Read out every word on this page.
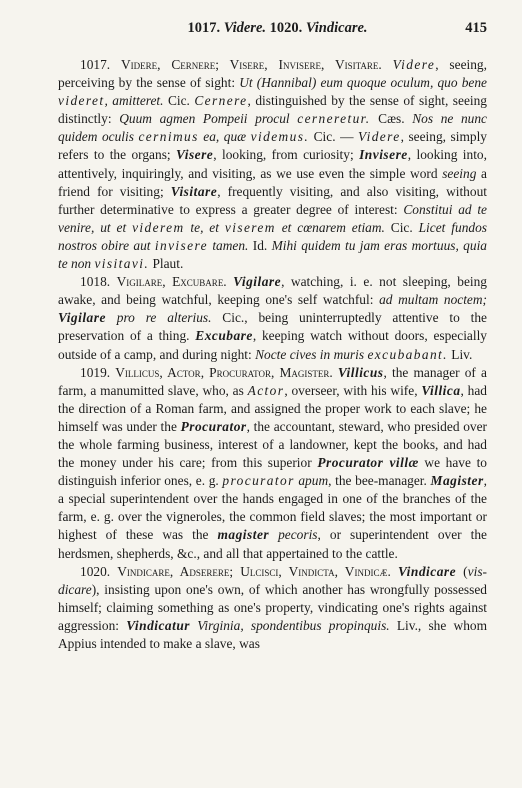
1017. Videre. 1020. Vindicare.	415

1017. Videre, Cernere; Visere, Invisere, Visitare. Videre, seeing, perceiving by the sense of sight: Ut (Hannibal) eum quoque oculum, quo bene videret, amitteret. Cic. Cernere, distinguished by the sense of sight, seeing distinctly: Quum agmen Pompeii procul cerneretur. Cæs. Nos ne nunc quidem oculis cernimus ea, quæ videmus. Cic. — Videre, seeing, simply refers to the organs; Visere, looking, from curiosity; Invisere, looking into, attentively, inquiringly, and visiting, as we use even the simple word seeing a friend for visiting; Visitare, frequently visiting, and also visiting, without further determinative to express a greater degree of interest: Constitui ad te venire, ut et viderem te, et viserem et cœnarem etiam. Cic. Licet fundos nostros obire aut invisere tamen. Id. Mihi quidem tu jam eras mortuus, quia te non visitavi. Plaut.

1018. Vigilare, Excubare. Vigilare, watching, i. e. not sleeping, being awake, and being watchful, keeping one's self watchful: ad multam noctem; Vigilare pro re alterius. Cic., being uninterruptedly attentive to the preservation of a thing. Excubare, keeping watch without doors, especially outside of a camp, and during night: Nocte cives in muris excubabant. Liv.

1019. Villicus, Actor, Procurator, Magister. Villicus, the manager of a farm, a manumitted slave, who, as Actor, overseer, with his wife, Villica, had the direction of a Roman farm, and assigned the proper work to each slave; he himself was under the Procurator, the accountant, steward, who presided over the whole farming business, interest of a landowner, kept the books, and had the money under his care; from this superior Procurator villæ we have to distinguish inferior ones, e. g. procurator apum, the bee-manager. Magister, a special superintendent over the hands engaged in one of the branches of the farm, e. g. over the vigneroles, the common field slaves; the most important or highest of these was the magister pecoris, or superintendent over the herdsmen, shepherds, &c., and all that appertained to the cattle.

1020. Vindicare, Adserere; Ulcisci, Vindicta, Vindicæ. Vindicare (vis-dicare), insisting upon one's own, of which another has wrongfully possessed himself; claiming something as one's property, vindicating one's rights against aggression: Vindicatur Virginia, spondentibus propinquis. Liv., she whom Appius intended to make a slave, was
